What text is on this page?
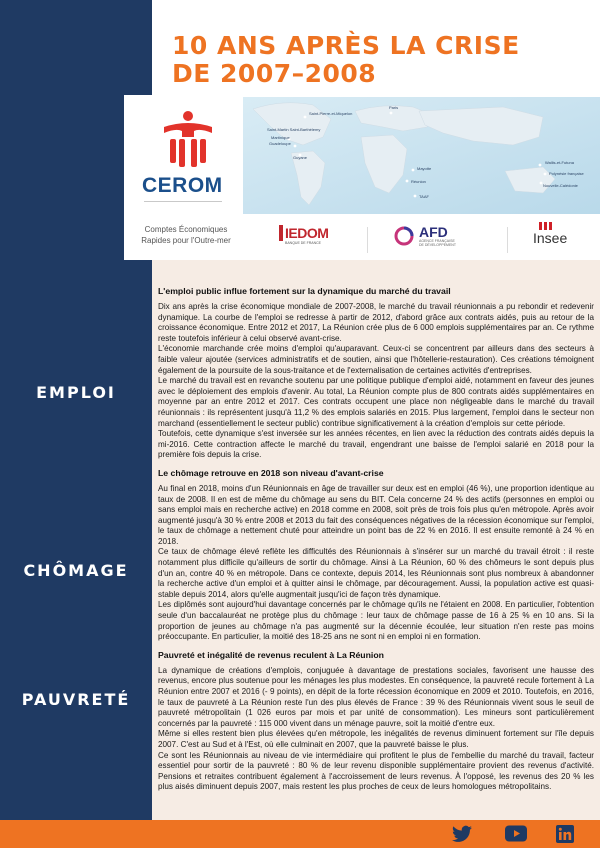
10 ANS APRÈS LA CRISE
DE 2007–2008
CEROM
Comptes Économiques
Rapides pour l'Outre-mer
Saint-Pierre-et-Miquelon
Saint-Martin Saint-Barthélemy
Guadeloupe
Martinique
Guyane
Paris
Mayotte
Réunion
TAAF
Wallis-et-Futuna
Polynésie française
Nouvelle-Calédonie
IEDOM
BANQUE DE FRANCE
AFD
AGENCE FRANÇAISE
DE DÉVELOPPEMENT	Insee
EMPLOI
CHÔMAGE
PAUVRETÉ
L'emploi public influe fortement sur la dynamique du marché du travail

Dix ans après la crise économique mondiale de 2007-2008, le marché du travail réunionnais a pu rebondir et redevenir dynamique. La courbe de l'emploi se redresse à partir de 2012, d'abord grâce aux contrats aidés, puis au retour de la croissance économique. Entre 2012 et 2017, La Réunion crée plus de 6 000 emplois supplémentaires par an. Ce rythme reste toutefois inférieur à celui observé avant-crise.

L'économie marchande crée moins d'emploi qu'auparavant. Ceux-ci se concentrent par ailleurs dans des secteurs à faible valeur ajoutée (services administratifs et de soutien, ainsi que l'hôtellerie-restauration). Ces créations témoignent également de la poursuite de la sous-traitance et de l'externalisation de certaines activités d'entreprises.

Le marché du travail est en revanche soutenu par une politique publique d'emploi aidé, notamment en faveur des jeunes avec le déploiement des emplois d'avenir. Au total, La Réunion compte plus de 800 contrats aidés supplémentaires en moyenne par an entre 2012 et 2017. Ces contrats occupent une place non négligeable dans le marché du travail réunionnais : ils représentent jusqu'à 11,2 % des emplois salariés en 2015. Plus largement, l'emploi dans le secteur non marchand (essentiellement le secteur public) contribue significativement à la création d'emplois sur cette période.

Toutefois, cette dynamique s'est inversée sur les années récentes, en lien avec la réduction des contrats aidés depuis la mi-2016. Cette contraction affecte le marché du travail, engendrant une baisse de l'emploi salarié en 2018 pour la première fois depuis la crise.

Le chômage retrouve en 2018 son niveau d'avant-crise

Au final en 2018, moins d'un Réunionnais en âge de travailler sur deux est en emploi (46 %), une proportion identique au taux de 2008. Il en est de même du chômage au sens du BIT. Cela concerne 24 % des actifs (personnes en emploi ou sans emploi mais en recherche active) en 2018 comme en 2008, soit près de trois fois plus qu'en métropole. Après avoir augmenté jusqu'à 30 % entre 2008 et 2013 du fait des conséquences négatives de la récession économique sur l'emploi, le taux de chômage a nettement chuté pour atteindre un point bas de 22 % en 2016. Il est ensuite remonté à 24 % en 2018.

Ce taux de chômage élevé reflète les difficultés des Réunionnais à s'insérer sur un marché du travail étroit : il reste notamment plus difficile qu'ailleurs de sortir du chômage. Ainsi à La Réunion, 60 % des chômeurs le sont depuis plus d'un an, contre 40 % en métropole. Dans ce contexte, depuis 2014, les Réunionnais sont plus nombreux à abandonner la recherche active d'un emploi et à quitter ainsi le chômage, par découragement. Aussi, la population active est quasi-stable depuis 2014, alors qu'elle augmentait jusqu'ici de façon très dynamique.

Les diplômés sont aujourd'hui davantage concernés par le chômage qu'ils ne l'étaient en 2008. En particulier, l'obtention seule d'un baccalauréat ne protège plus du chômage : leur taux de chômage passe de 16 à 25 % en 10 ans. Si la proportion de jeunes au chômage n'a pas augmenté sur la décennie écoulée, leur situation n'en reste pas moins préoccupante. En particulier, la moitié des 18-25 ans ne sont ni en emploi ni en formation.

Pauvreté et inégalité de revenus reculent à La Réunion

La dynamique de créations d'emplois, conjuguée à davantage de prestations sociales, favorisent une hausse des revenus, encore plus soutenue pour les ménages les plus modestes. En conséquence, la pauvreté recule fortement à La Réunion entre 2007 et 2016 (- 9 points), en dépit de la forte récession économique en 2009 et 2010. Toutefois, en 2016, le taux de pauvreté à La Réunion reste l'un des plus élevés de France : 39 % des Réunionnais vivent sous le seuil de pauvreté métropolitain (1 026 euros par mois et par unité de consommation). Les mineurs sont particulièrement concernés par la pauvreté : 115 000 vivent dans un ménage pauvre, soit la moitié d'entre eux.

Même si elles restent bien plus élevées qu'en métropole, les inégalités de revenus diminuent fortement sur l'île depuis 2007. C'est au Sud et à l'Est, où elle culminait en 2007, que la pauvreté baisse le plus.

Ce sont les Réunionnais au niveau de vie intermédiaire qui profitent le plus de l'embellie du marché du travail, facteur essentiel pour sortir de la pauvreté : 80 % de leur revenu disponible supplémentaire provient des revenus d'activité. Pensions et retraites contribuent également à l'accroissement de leurs revenus. À l'opposé, les revenus des 20 % les plus aisés diminuent depuis 2007, mais restent les plus proches de ceux de leurs homologues métropolitains.
